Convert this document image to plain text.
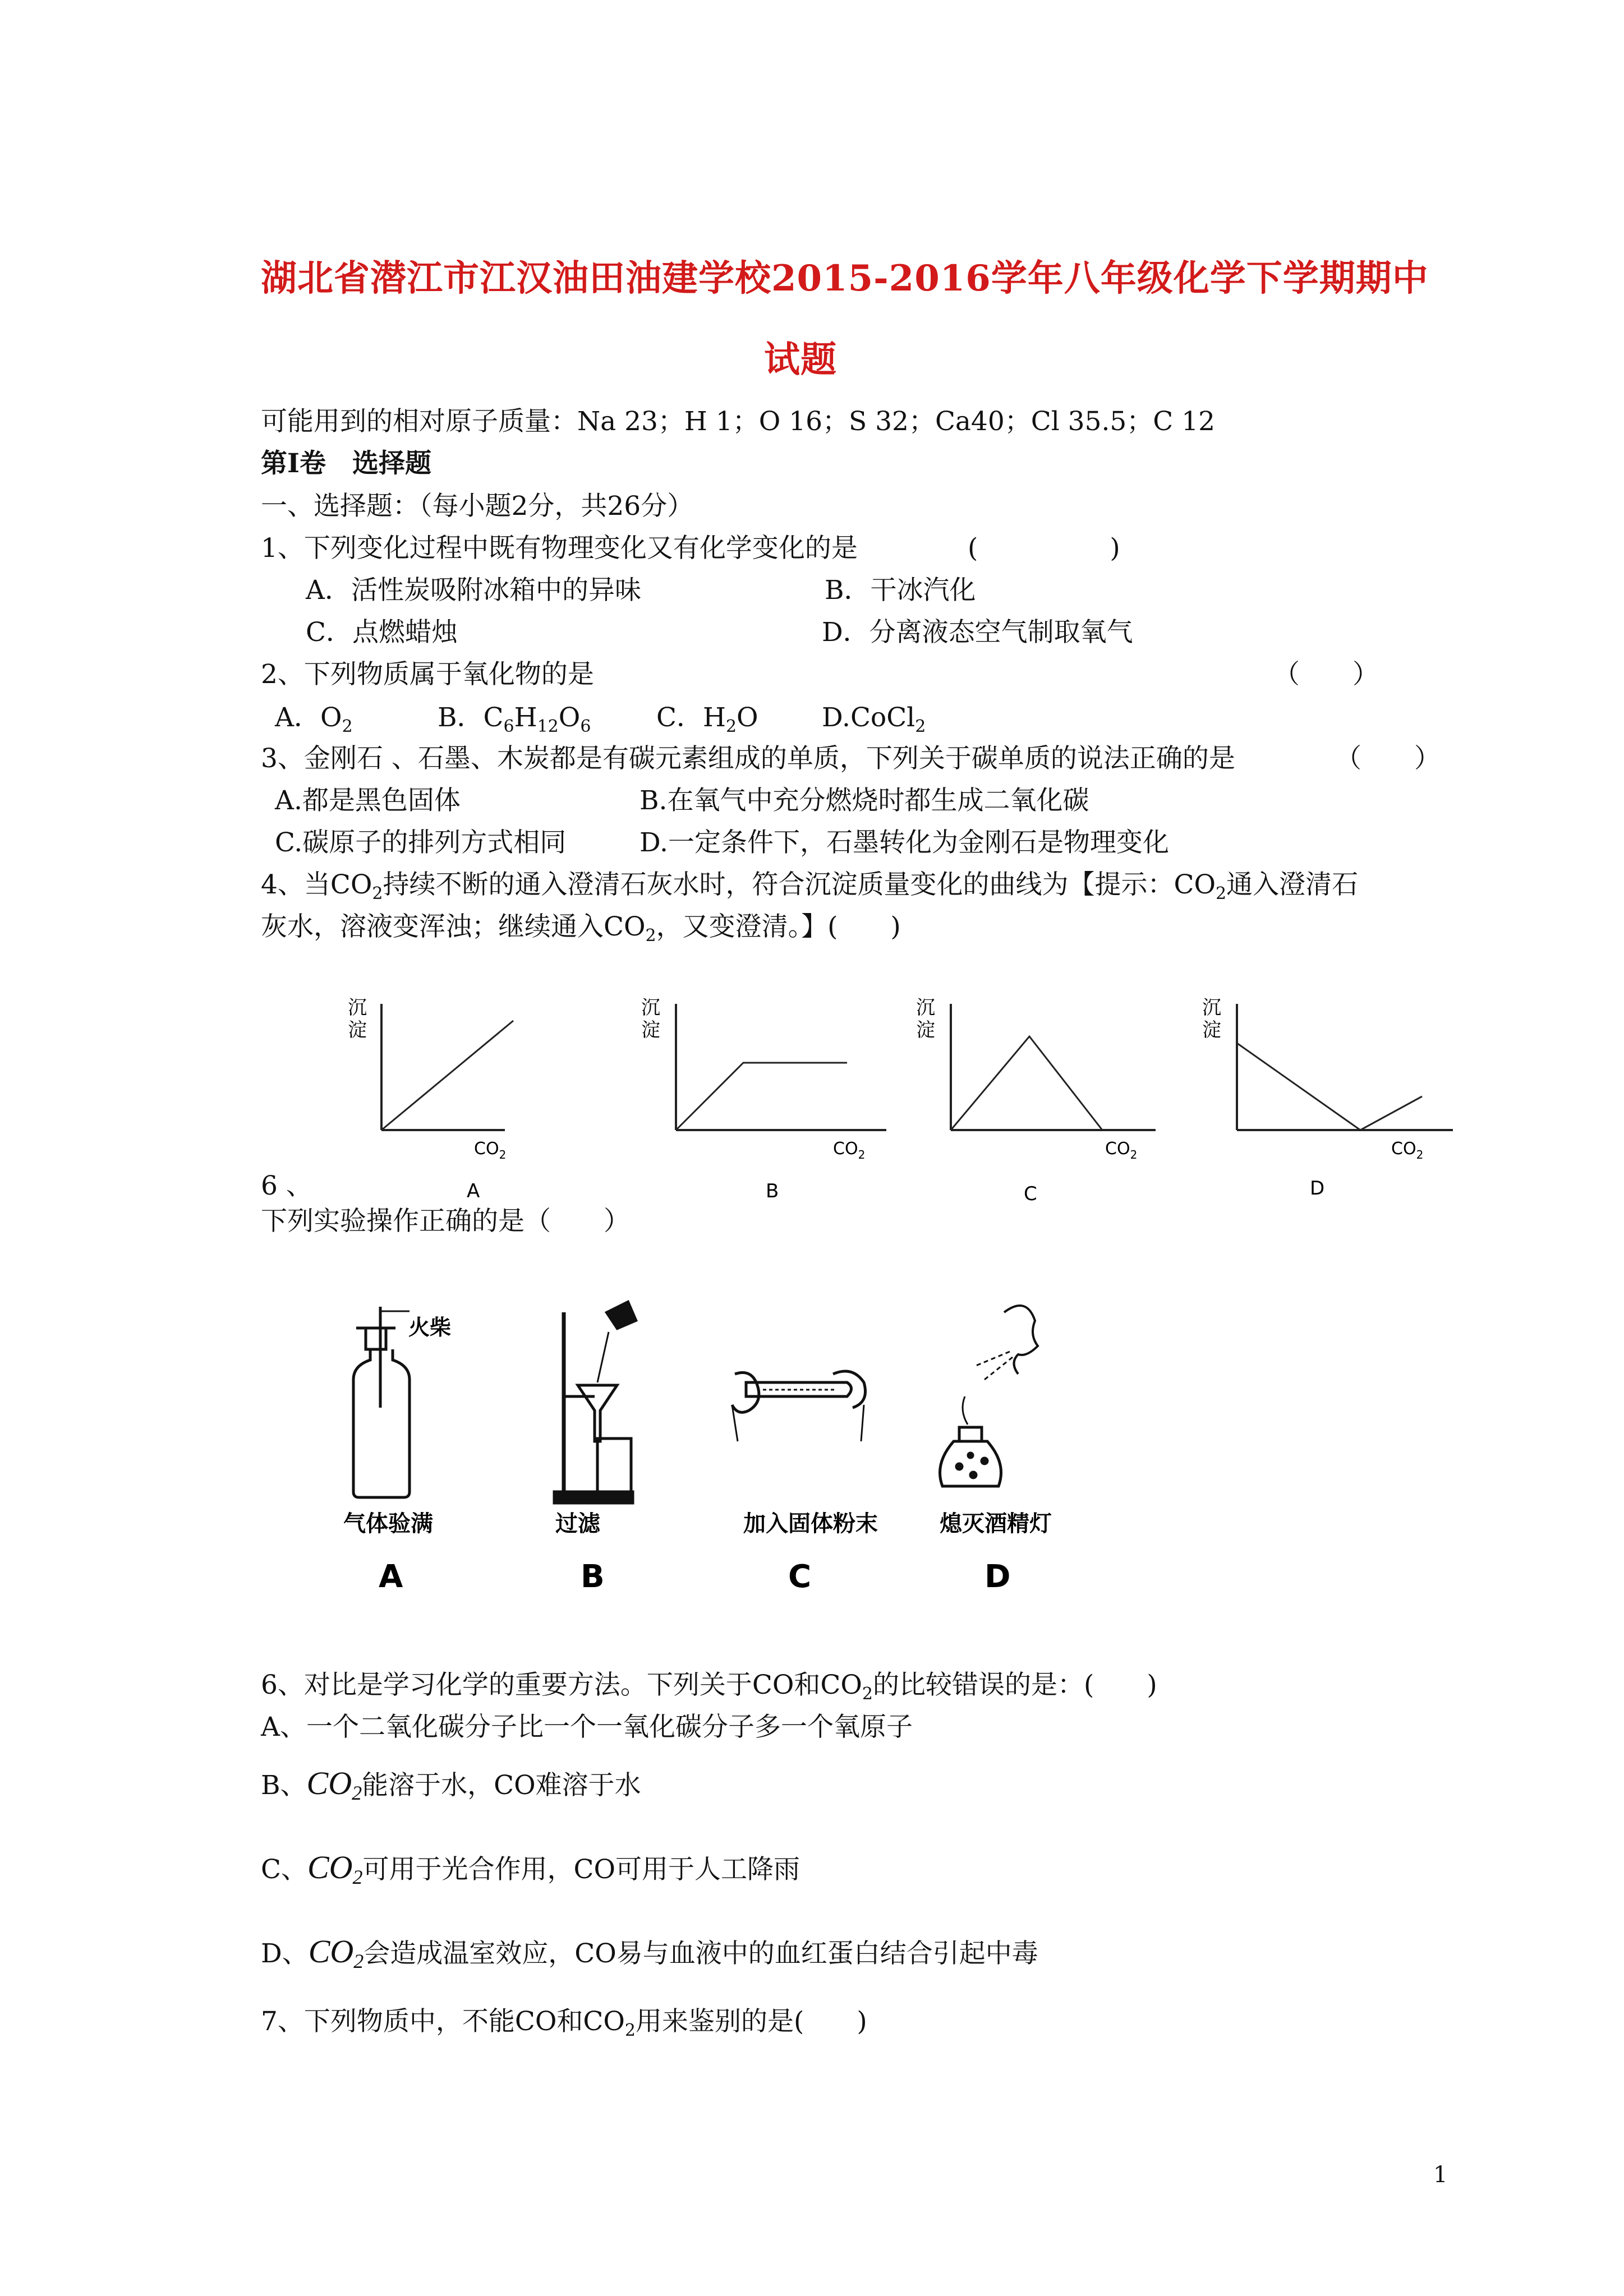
湖北省潜江市江汉油田油建学校2015-2016学年八年级化学下学期期中
试题
可能用到的相对原子质量：Na 23；H 1；O 16；S 32；Ca40；Cl 35.5；C 12
第Ⅰ卷　选择题
一、选择题：（每小题2分，共26分）
1、下列变化过程中既有物理变化又有化学变化的是	(　　　　　)
A．活性炭吸附冰箱中的异味	B．干冰汽化
C．点燃蜡烛	D．分离液态空气制取氧气
2、下列物质属于氧化物的是	（　　）
A．$O_2$	B．$C_6H_{12}O_6$ C．$H_2O$ D.CoCl$_2$
3、金刚石 、石墨、木炭都是有碳元素组成的单质，下列关于碳单质的说法正确的是	（　　）
A.都是黑色固体	B.在氧气中充分燃烧时都生成二氧化碳
C.碳原子的排列方式相同	D.一定条件下，石墨转化为金刚石是物理变化
4、当$CO_2$持续不断的通入澄清石灰水时，符合沉淀质量变化的曲线为【提示：$CO_2$通入澄清石
灰水，溶液变浑浊；继续通入$CO_2$，又变澄清。】(　　)
沉
淀
$CO_2$
A
沉
淀
$CO_2$
B
沉
淀
$CO_2$
C
沉
淀
$CO_2$
D
6 、
下列实验操作正确的是（　　）
火柴
气体验满	过滤	加入固体粉末	熄灭酒精灯
A	B	C	D
6、对比是学习化学的重要方法。下列关于CO和$CO_2$的比较错误的是：(　　)
A、一个二氧化碳分子比一个一氧化碳分子多一个氧原子
B、$CO_2$能溶于水，CO难溶于水
C、$CO_2$可用于光合作用，CO可用于人工降雨
D、$CO_2$会造成温室效应，CO易与血液中的血红蛋白结合引起中毒
7、下列物质中，不能CO和$CO_2$用来鉴别的是(　　)
1
